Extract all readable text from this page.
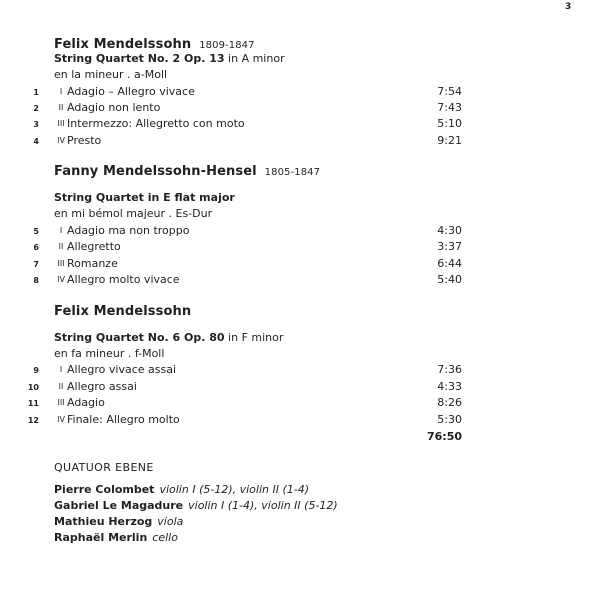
3
Felix Mendelssohn 1809-1847
String Quartet No. 2 Op. 13 in A minor
en la mineur . a-Moll
1	I Adagio – Allegro vivace	7:54
2	II Adagio non lento	7:43
3	III Intermezzo: Allegretto con moto	5:10
4 IV Presto	9:21
Fanny Mendelssohn-Hensel 1805-1847
String Quartet in E flat major
en mi bémol majeur . Es-Dur
5	I Adagio ma non troppo	4:30
6	II Allegretto	3:37
7	III Romanze	6:44
8 IV Allegro molto vivace	5:40
Felix Mendelssohn
String Quartet No. 6 Op. 80 in F minor
en fa mineur . f-Moll
9	I Allegro vivace assai	7:36
10	II Allegro assai	4:33
11	III Adagio	8:26
12 IV Finale: Allegro molto	5:30
76:50
QUATUOR EBENE
Pierre Colombet violin I (5-12), violin II (1-4)
Gabriel Le Magadure violin I (1-4), violin II (5-12)
Mathieu Herzog viola
Raphaël Merlin cello
